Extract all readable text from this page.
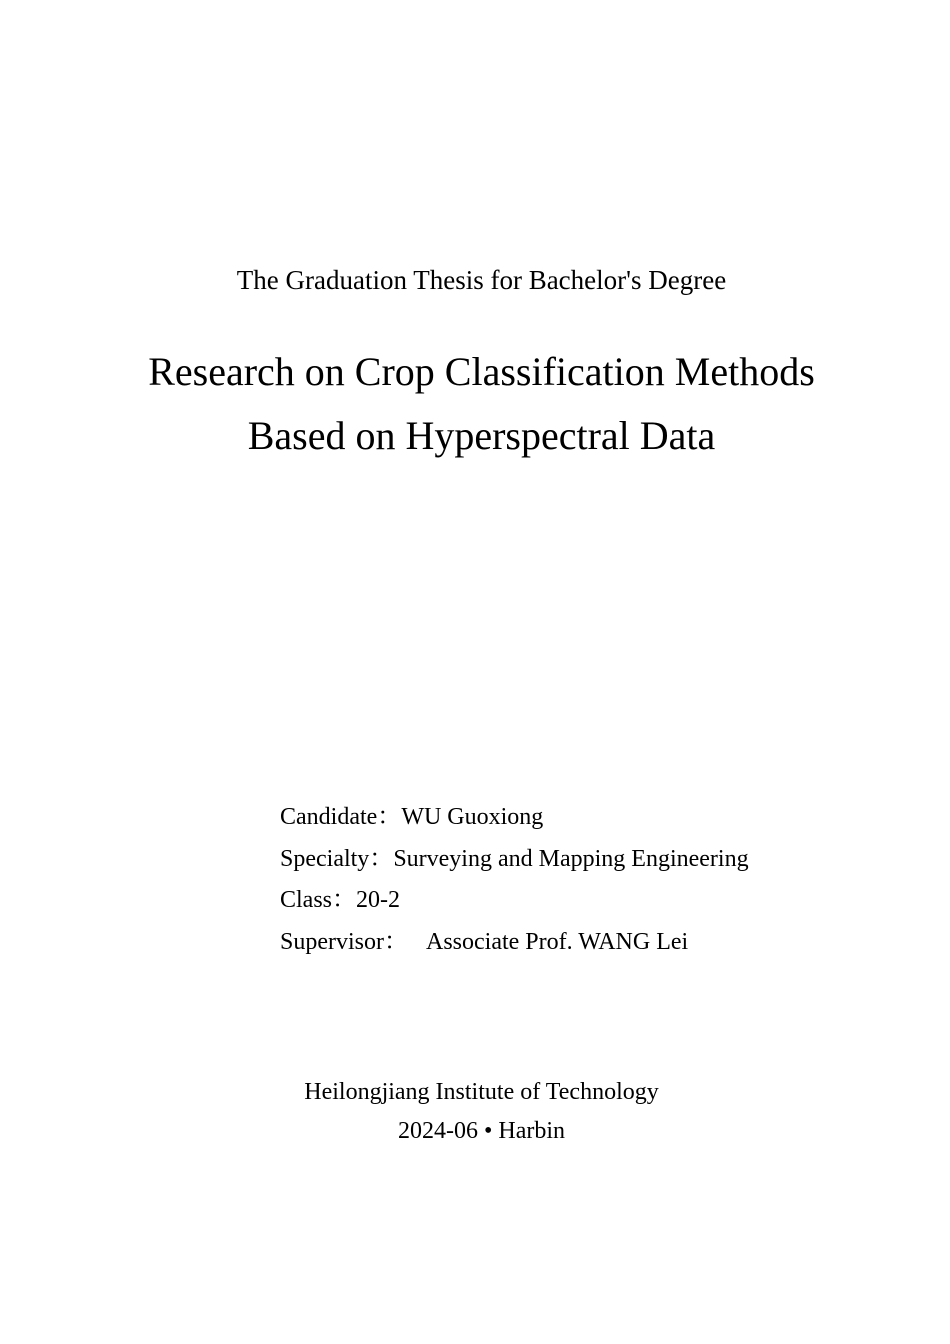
The Graduation Thesis for Bachelor's Degree
Research on Crop Classification Methods
Based on Hyperspectral Data
Candidate：WU Guoxiong
Specialty：Surveying and Mapping Engineering
Class：20-2
Supervisor： Associate Prof. WANG Lei
Heilongjiang Institute of Technology
2024-06 • Harbin
